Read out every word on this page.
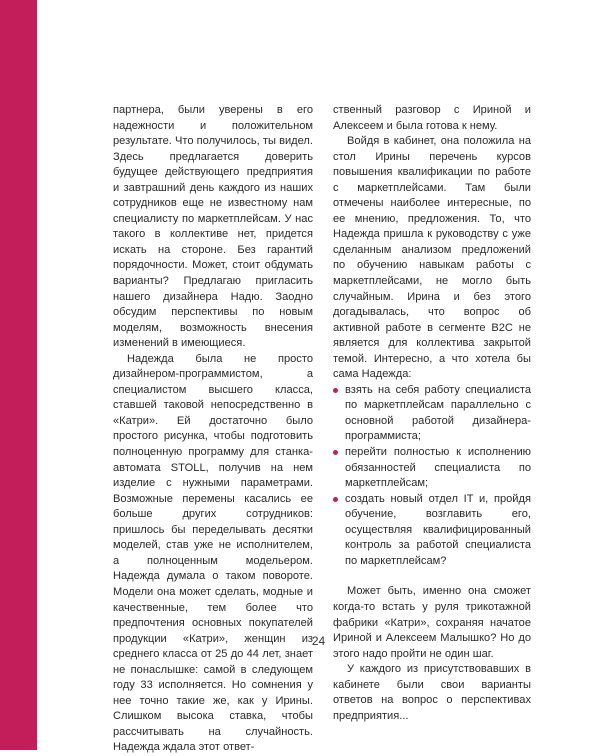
партнера, были уверены в его надежности и положительном результате. Что получилось, ты видел. Здесь предлагается доверить будущее действующего предприятия и завтрашний день каждого из наших сотрудников еще не известному нам специалисту по маркетплейсам. У нас такого в коллективе нет, придется искать на стороне. Без гарантий порядочности. Может, стоит обдумать варианты? Предлагаю пригласить нашего дизайнера Надю. Заодно обсудим перспективы по новым моделям, возможность внесения изменений в имеющиеся.

Надежда была не просто дизайнером-программистом, а специалистом высшего класса, ставшей таковой непосредственно в «Катри». Ей достаточно было простого рисунка, чтобы подготовить полноценную программу для станка-автомата STOLL, получив на нем изделие с нужными параметрами. Возможные перемены касались ее больше других сотрудников: пришлось бы переделывать десятки моделей, став уже не исполнителем, а полноценным модельером. Надежда думала о таком повороте. Модели она может сделать, модные и качественные, тем более что предпочтения основных покупателей продукции «Катри», женщин из среднего класса от 25 до 44 лет, знает не понаслышке: самой в следующем году 33 исполняется. Но сомнения у нее точно такие же, как у Ирины. Слишком высока ставка, чтобы рассчитывать на случайность. Надежда ждала этот ответ-

ственный разговор с Ириной и Алексеем и была готова к нему.

Войдя в кабинет, она положила на стол Ирины перечень курсов повышения квалификации по работе с маркетплейсами. Там были отмечены наиболее интересные, по ее мнению, предложения. То, что Надежда пришла к руководству с уже сделанным анализом предложений по обучению навыкам работы с маркетплейсами, не могло быть случайным. Ирина и без этого догадывалась, что вопрос об активной работе в сегменте B2C не является для коллектива закрытой темой. Интересно, а что хотела бы сама Надежда:

взять на себя работу специалиста по маркетплейсам параллельно с основной работой дизайнера-программиста;
перейти полностью к исполнению обязанностей специалиста по маркетплейсам;
создать новый отдел IT и, пройдя обучение, возглавить его, осуществляя квалифицированный контроль за работой специалиста по маркетплейсам?

Может быть, именно она сможет когда-то встать у руля трикотажной фабрики «Катри», сохраняя начатое Ириной и Алексеем Малышко? Но до этого надо пройти не один шаг.

У каждого из присутствовавших в кабинете были свои варианты ответов на вопрос о перспективах предприятия...

24
